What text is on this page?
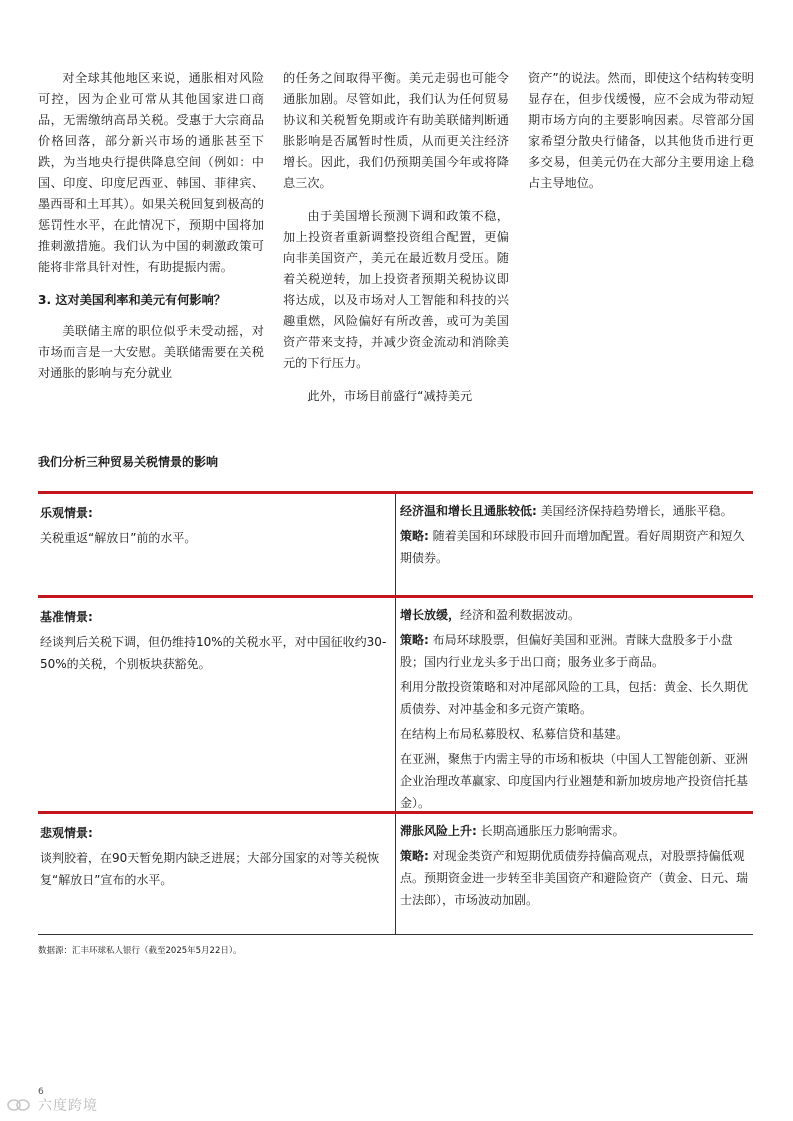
对全球其他地区来说，通胀相对风险可控，因为企业可常从其他国家进口商品，无需缴纳高昂关税。受惠于大宗商品价格回落，部分新兴市场的通胀甚至下跌，为当地央行提供降息空间（例如：中国、印度、印度尼西亚、韩国、菲律宾、墨西哥和土耳其）。如果关税回复到极高的惩罚性水平，在此情况下，预期中国将加推刺激措施。我们认为中国的刺激政策可能将非常具针对性，有助提振内需。

3. 这对美国利率和美元有何影响？

美联储主席的职位似乎未受动摇，对市场而言是一大安慰。美联储需要在关税对通胀的影响与充分就业

的任务之间取得平衡。美元走弱也可能令通胀加剧。尽管如此，我们认为任何贸易协议和关税暂免期或许有助美联储判断通胀影响是否属暂时性质，从而更关注经济增长。因此，我们仍预期美国今年或将降息三次。

由于美国增长预测下调和政策不稳，加上投资者重新调整投资组合配置，更偏向非美国资产，美元在最近数月受压。随着关税逆转，加上投资者预期关税协议即将达成，以及市场对人工智能和科技的兴趣重燃，风险偏好有所改善，或可为美国资产带来支持，并减少资金流动和消除美元的下行压力。

此外，市场目前盛行“减持美元

资产”的说法。然而，即使这个结构转变明显存在，但步伐缓慢，应不会成为带动短期市场方向的主要影响因素。尽管部分国家希望分散央行储备，以其他货币进行更多交易，但美元仍在大部分主要用途上稳占主导地位。

我们分析三种贸易关税情景的影响

乐观情景:

关税重返“解放日”前的水平。

经济温和增长且通胀较低: 美国经济保持趋势增长，通胀平稳。

策略: 随着美国和环球股市回升而增加配置。看好周期资产和短久期债券。

基准情景:

经谈判后关税下调，但仍维持10%的关税水平，对中国征收约30-50%的关税，个别板块获豁免。

增长放缓，经济和盈利数据波动。

策略: 布局环球股票，但偏好美国和亚洲。青睐大盘股多于小盘股；国内行业龙头多于出口商；服务业多于商品。

利用分散投资策略和对冲尾部风险的工具，包括：黄金、长久期优质债券、对冲基金和多元资产策略。

在结构上布局私募股权、私募信贷和基建。

在亚洲，聚焦于内需主导的市场和板块（中国人工智能创新、亚洲企业治理改革赢家、印度国内行业翘楚和新加坡房地产投资信托基金）。

悲观情景:

谈判胶着，在90天暂免期内缺乏进展；大部分国家的对等关税恢复“解放日”宣布的水平。

滞胀风险上升: 长期高通胀压力影响需求。

策略: 对现金类资产和短期优质债券持偏高观点，对股票持偏低观点。预期资金进一步转至非美国资产和避险资产（黄金、日元、瑞士法郎），市场波动加剧。

数据源：汇丰环球私人银行（截至2025年5月22日）。

6
六度跨境
